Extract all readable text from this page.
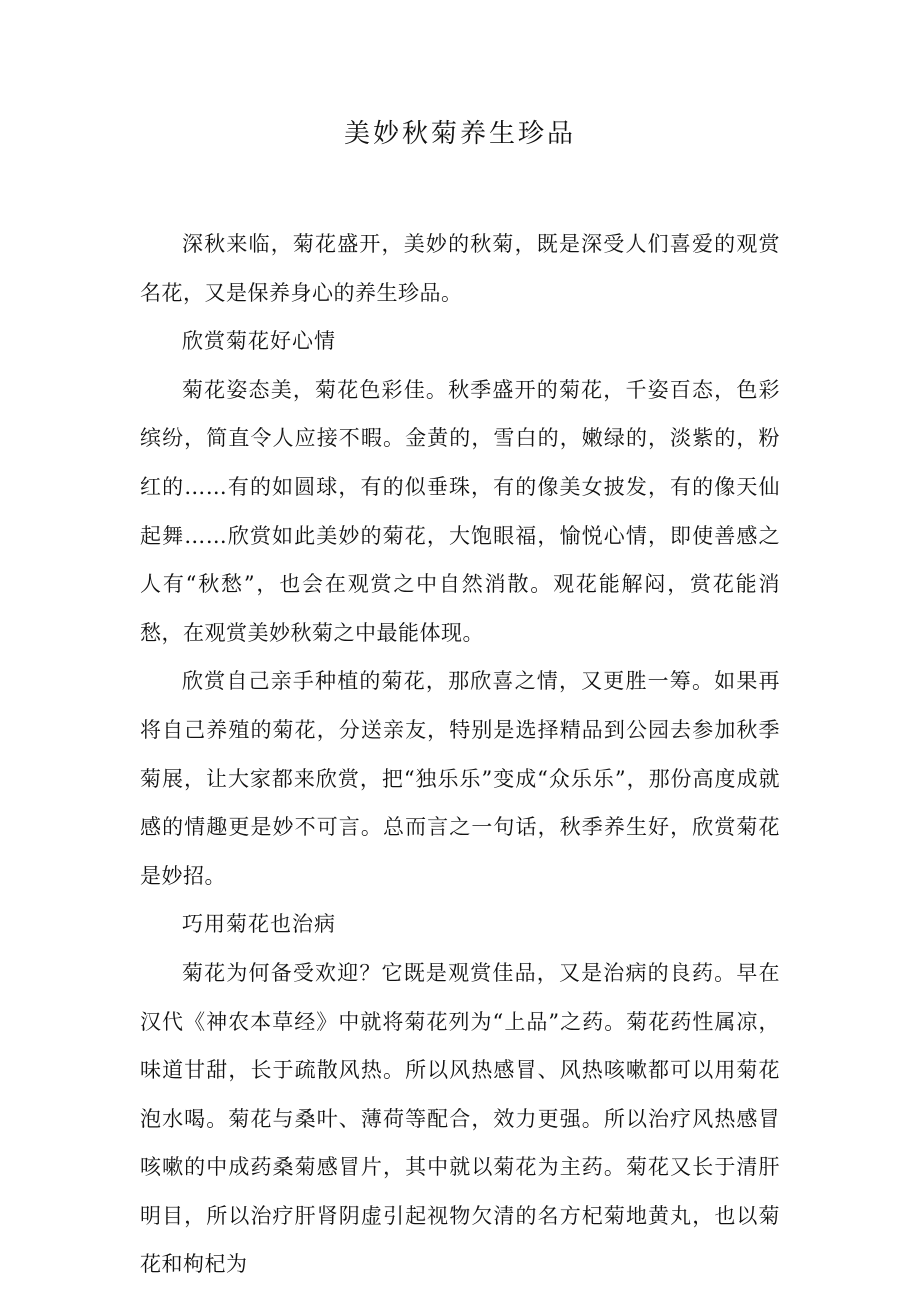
美妙秋菊养生珍品

深秋来临，菊花盛开，美妙的秋菊，既是深受人们喜爱的观赏名花，又是保养身心的养生珍品。

欣赏菊花好心情

菊花姿态美，菊花色彩佳。秋季盛开的菊花，千姿百态，色彩缤纷，简直令人应接不暇。金黄的，雪白的，嫩绿的，淡紫的，粉红的……有的如圆球，有的似垂珠，有的像美女披发，有的像天仙起舞……欣赏如此美妙的菊花，大饱眼福，愉悦心情，即使善感之人有“秋愁”，也会在观赏之中自然消散。观花能解闷，赏花能消愁，在观赏美妙秋菊之中最能体现。

欣赏自己亲手种植的菊花，那欣喜之情，又更胜一筹。如果再将自己养殖的菊花，分送亲友，特别是选择精品到公园去参加秋季菊展，让大家都来欣赏，把“独乐乐”变成“众乐乐”，那份高度成就感的情趣更是妙不可言。总而言之一句话，秋季养生好，欣赏菊花是妙招。

巧用菊花也治病

菊花为何备受欢迎？它既是观赏佳品，又是治病的良药。早在汉代《神农本草经》中就将菊花列为“上品”之药。菊花药性属凉，味道甘甜，长于疏散风热。所以风热感冒、风热咳嗽都可以用菊花泡水喝。菊花与桑叶、薄荷等配合，效力更强。所以治疗风热感冒咳嗽的中成药桑菊感冒片，其中就以菊花为主药。菊花又长于清肝明目，所以治疗肝肾阴虚引起视物欠清的名方杞菊地黄丸，也以菊花和枸杞为
